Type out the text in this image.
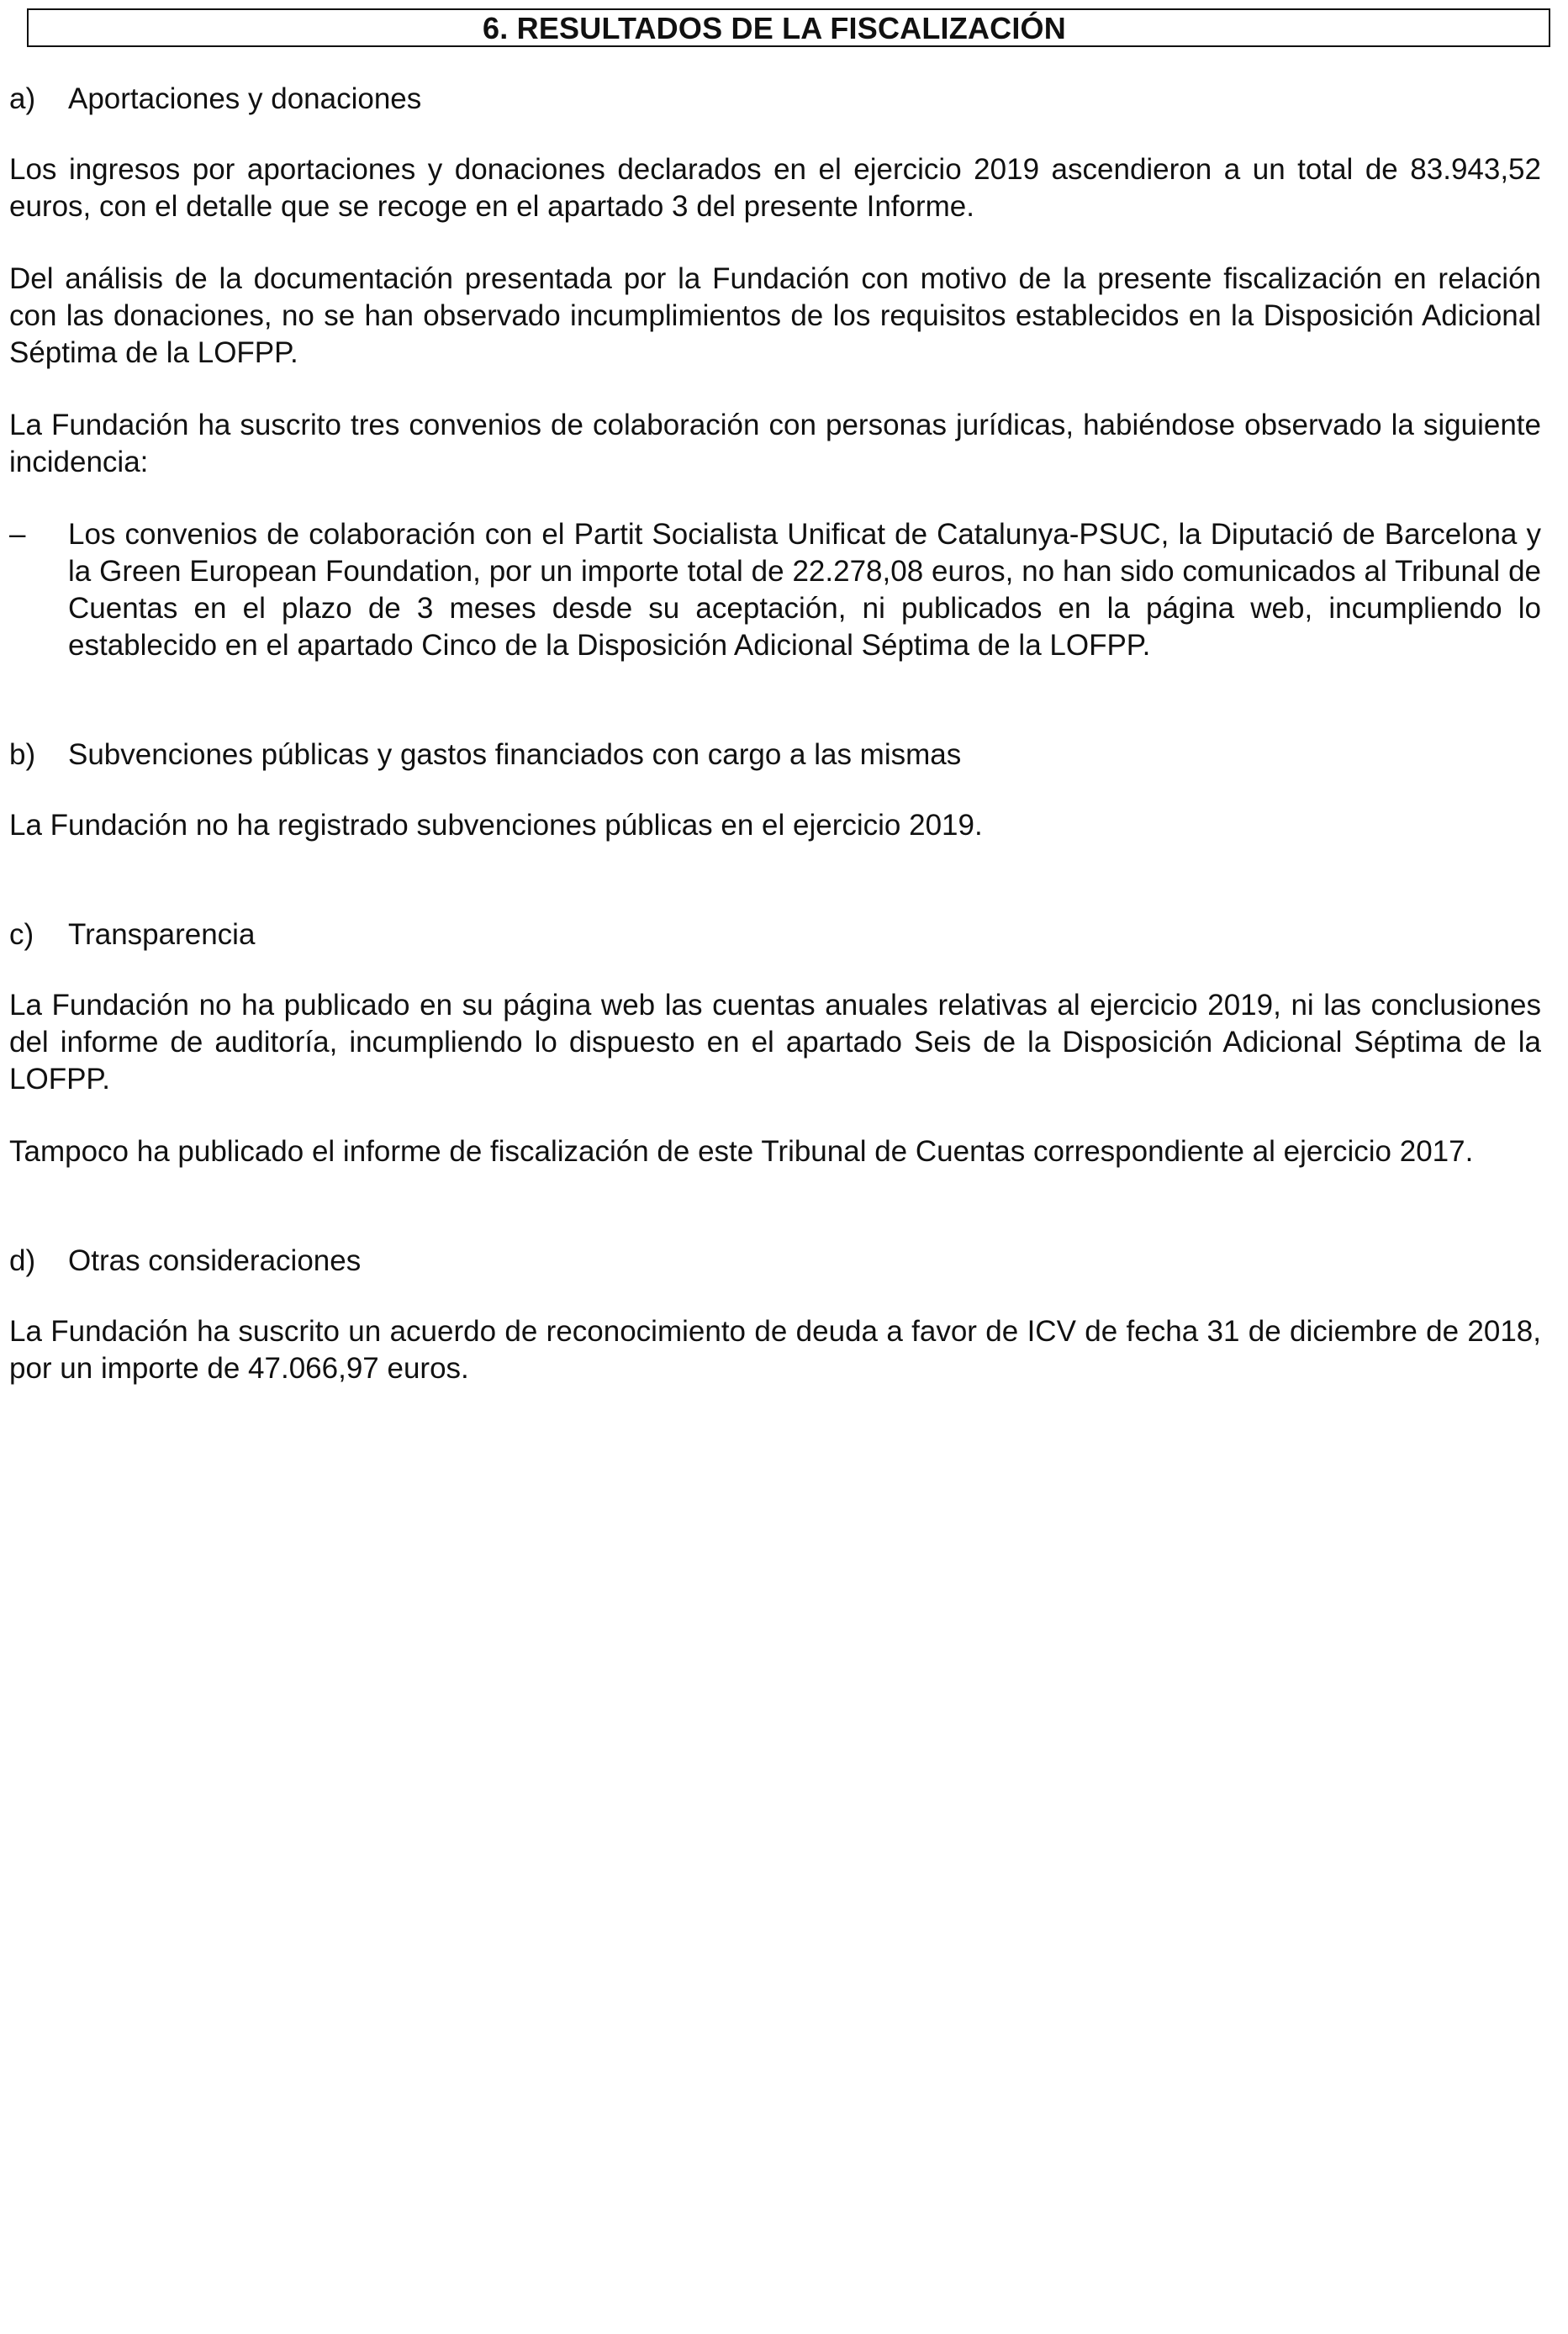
6. RESULTADOS DE LA FISCALIZACIÓN
a)	Aportaciones y donaciones

Los ingresos por aportaciones y donaciones declarados en el ejercicio 2019 ascendieron a un total de 83.943,52 euros, con el detalle que se recoge en el apartado 3 del presente Informe.

Del análisis de la documentación presentada por la Fundación con motivo de la presente fiscalización en relación con las donaciones, no se han observado incumplimientos de los requisitos establecidos en la Disposición Adicional Séptima de la LOFPP.

La Fundación ha suscrito tres convenios de colaboración con personas jurídicas, habiéndose observado la siguiente incidencia:

–	Los convenios de colaboración con el Partit Socialista Unificat de Catalunya-PSUC, la Diputació de Barcelona y la Green European Foundation, por un importe total de 22.278,08 euros, no han sido comunicados al Tribunal de Cuentas en el plazo de 3 meses desde su aceptación, ni publicados en la página web, incumpliendo lo establecido en el apartado Cinco de la Disposición Adicional Séptima de la LOFPP.
b)	Subvenciones públicas y gastos financiados con cargo a las mismas

La Fundación no ha registrado subvenciones públicas en el ejercicio 2019.

c)	Transparencia

La Fundación no ha publicado en su página web las cuentas anuales relativas al ejercicio 2019, ni las conclusiones del informe de auditoría, incumpliendo lo dispuesto en el apartado Seis de la Disposición Adicional Séptima de la LOFPP.

Tampoco ha publicado el informe de fiscalización de este Tribunal de Cuentas correspondiente al ejercicio 2017.

d)	Otras consideraciones

La Fundación ha suscrito un acuerdo de reconocimiento de deuda a favor de ICV de fecha 31 de diciembre de 2018, por un importe de 47.066,97 euros.
